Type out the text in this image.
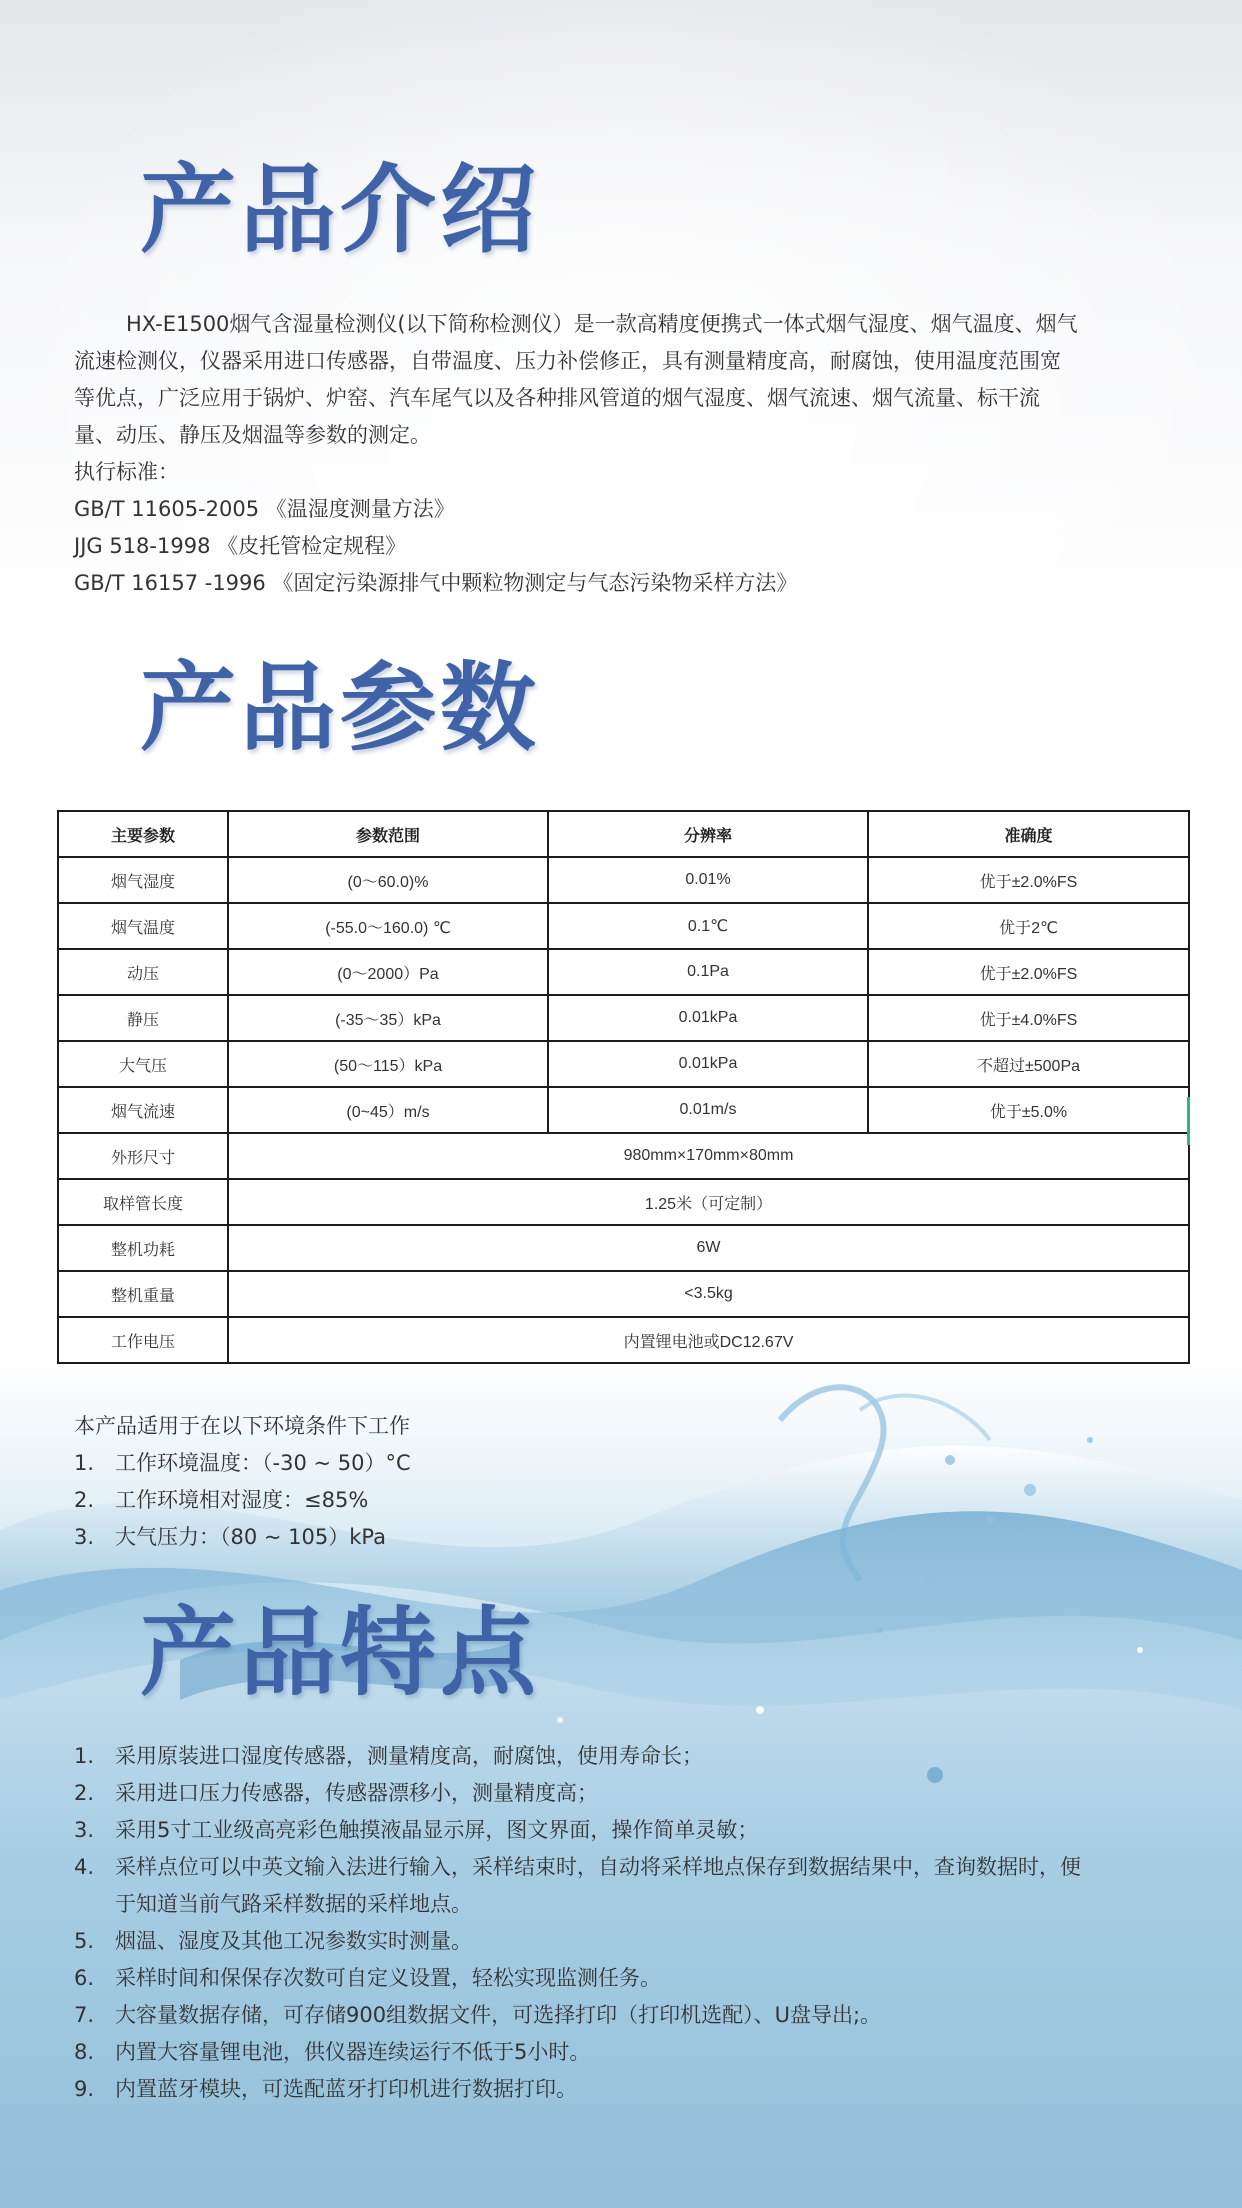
产品介绍

HX-E1500烟气含湿量检测仪(以下简称检测仪）是一款高精度便携式一体式烟气湿度、烟气温度、烟气

流速检测仪，仪器采用进口传感器，自带温度、压力补偿修正，具有测量精度高，耐腐蚀，使用温度范围宽

等优点，广泛应用于锅炉、炉窑、汽车尾气以及各种排风管道的烟气湿度、烟气流速、烟气流量、标干流

量、动压、静压及烟温等参数的测定。

执行标准：

GB/T 11605-2005 《温湿度测量方法》

JJG 518-1998 《皮托管检定规程》

GB/T 16157 -1996 《固定污染源排气中颗粒物测定与气态污染物采样方法》

产品参数
主要参数	参数范围	分辨率	准确度
烟气湿度	(0～60.0)%	0.01%	优于±2.0%FS
烟气温度	(-55.0～160.0) ℃	0.1℃	优于2℃
动压	(0～2000）Pa	0.1Pa	优于±2.0%FS
静压	(-35～35）kPa	0.01kPa	优于±4.0%FS
大气压	(50～115）kPa	0.01kPa	不超过±500Pa
烟气流速	(0~45）m/s	0.01m/s	优于±5.0%
外形尺寸	980mm×170mm×80mm		
取样管长度	1.25米（可定制）		
整机功耗	6W		
整机重量	<3.5kg		
工作电压	内置锂电池或DC12.67V		

本产品适用于在以下环境条件下工作

1. 工作环境温度：（-30 ~ 50）°C

2. 工作环境相对湿度：≤85%

3. 大气压力：（80 ~ 105）kPa

产品特点

1. 采用原装进口湿度传感器，测量精度高，耐腐蚀，使用寿命长；

2. 采用进口压力传感器，传感器漂移小，测量精度高；

3. 采用5寸工业级高亮彩色触摸液晶显示屏，图文界面，操作简单灵敏；

4. 采样点位可以中英文输入法进行输入，采样结束时，自动将采样地点保存到数据结果中，查询数据时，便

于知道当前气路采样数据的采样地点。

5. 烟温、湿度及其他工况参数实时测量。

6. 采样时间和保保存次数可自定义设置，轻松实现监测任务。

7. 大容量数据存储，可存储900组数据文件，可选择打印（打印机选配）、U盘导出;。

8. 内置大容量锂电池，供仪器连续运行不低于5小时。

9. 内置蓝牙模块，可选配蓝牙打印机进行数据打印。
